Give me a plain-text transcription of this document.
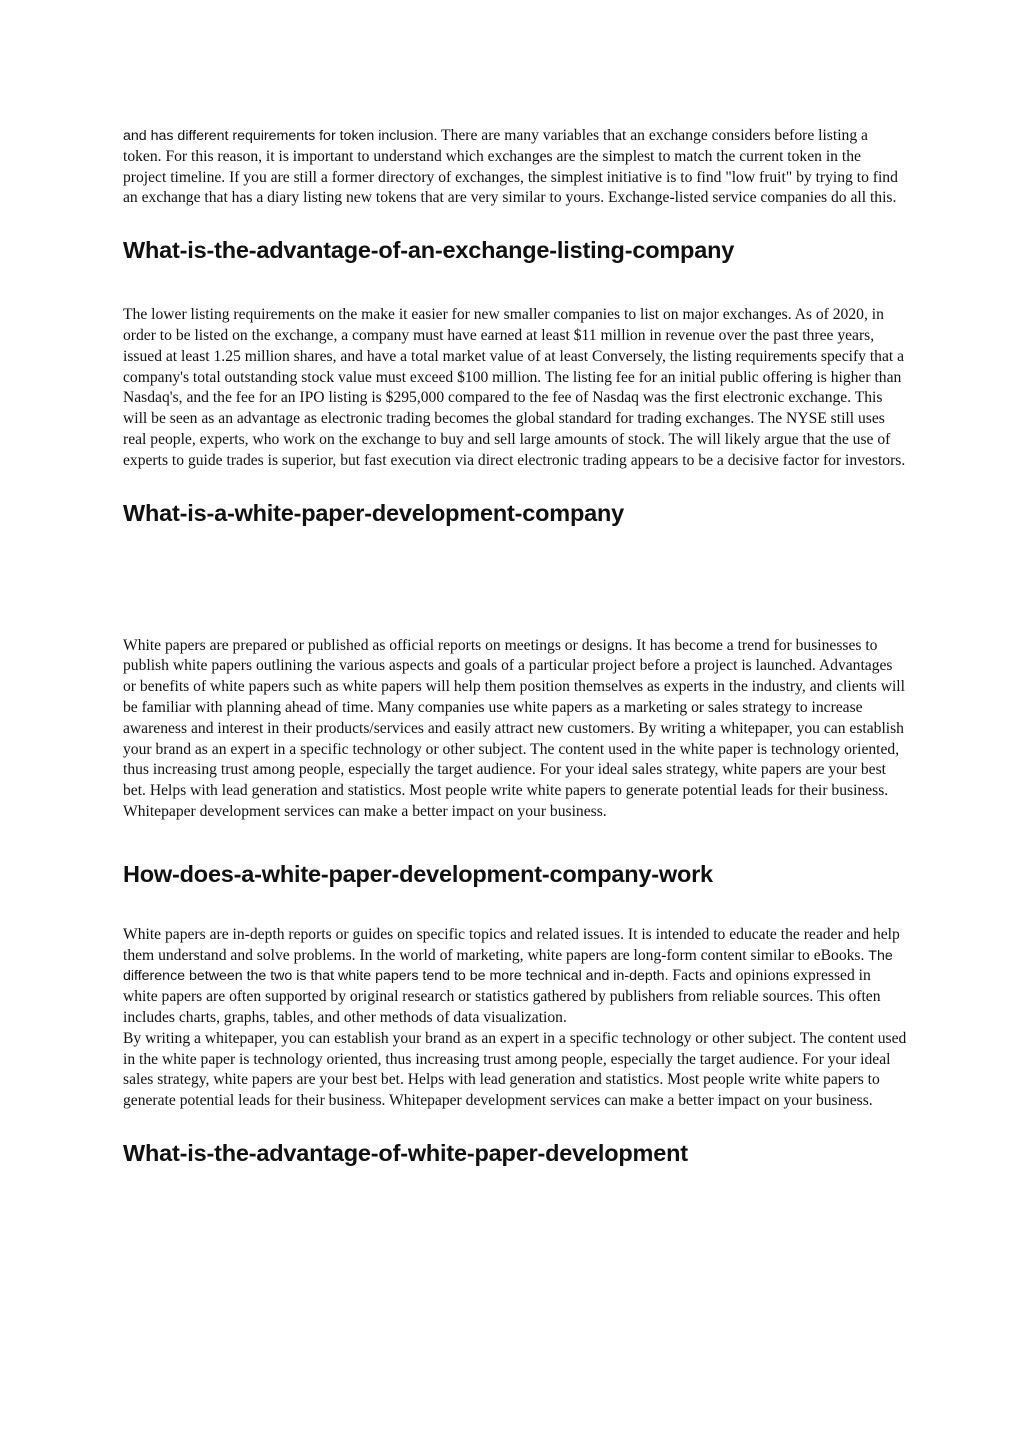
and has different requirements for token inclusion. There are many variables that an exchange considers before listing a token. For this reason, it is important to understand which exchanges are the simplest to match the current token in the project timeline. If you are still a former directory of exchanges, the simplest initiative is to find "low fruit" by trying to find an exchange that has a diary listing new tokens that are very similar to yours. Exchange-listed service companies do all this.

What-is-the-advantage-of-an-exchange-listing-company

The lower listing requirements on the make it easier for new smaller companies to list on major exchanges. As of 2020, in order to be listed on the exchange, a company must have earned at least $11 million in revenue over the past three years, issued at least 1.25 million shares, and have a total market value of at least Conversely, the listing requirements specify that a company's total outstanding stock value must exceed $100 million. The listing fee for an initial public offering is higher than Nasdaq's, and the fee for an IPO listing is $295,000 compared to the fee of Nasdaq was the first electronic exchange. This will be seen as an advantage as electronic trading becomes the global standard for trading exchanges. The NYSE still uses real people, experts, who work on the exchange to buy and sell large amounts of stock. The will likely argue that the use of experts to guide trades is superior, but fast execution via direct electronic trading appears to be a decisive factor for investors.

What-is-a-white-paper-development-company

White papers are prepared or published as official reports on meetings or designs. It has become a trend for businesses to publish white papers outlining the various aspects and goals of a particular project before a project is launched. Advantages or benefits of white papers such as white papers will help them position themselves as experts in the industry, and clients will be familiar with planning ahead of time. Many companies use white papers as a marketing or sales strategy to increase awareness and interest in their products/services and easily attract new customers. By writing a whitepaper, you can establish your brand as an expert in a specific technology or other subject. The content used in the white paper is technology oriented, thus increasing trust among people, especially the target audience. For your ideal sales strategy, white papers are your best bet. Helps with lead generation and statistics. Most people write white papers to generate potential leads for their business. Whitepaper development services can make a better impact on your business.

How-does-a-white-paper-development-company-work

White papers are in-depth reports or guides on specific topics and related issues. It is intended to educate the reader and help them understand and solve problems. In the world of marketing, white papers are long-form content similar to eBooks. The difference between the two is that white papers tend to be more technical and in-depth. Facts and opinions expressed in white papers are often supported by original research or statistics gathered by publishers from reliable sources. This often includes charts, graphs, tables, and other methods of data visualization.

By writing a whitepaper, you can establish your brand as an expert in a specific technology or other subject. The content used in the white paper is technology oriented, thus increasing trust among people, especially the target audience. For your ideal sales strategy, white papers are your best bet. Helps with lead generation and statistics. Most people write white papers to generate potential leads for their business. Whitepaper development services can make a better impact on your business.

What-is-the-advantage-of-white-paper-development
